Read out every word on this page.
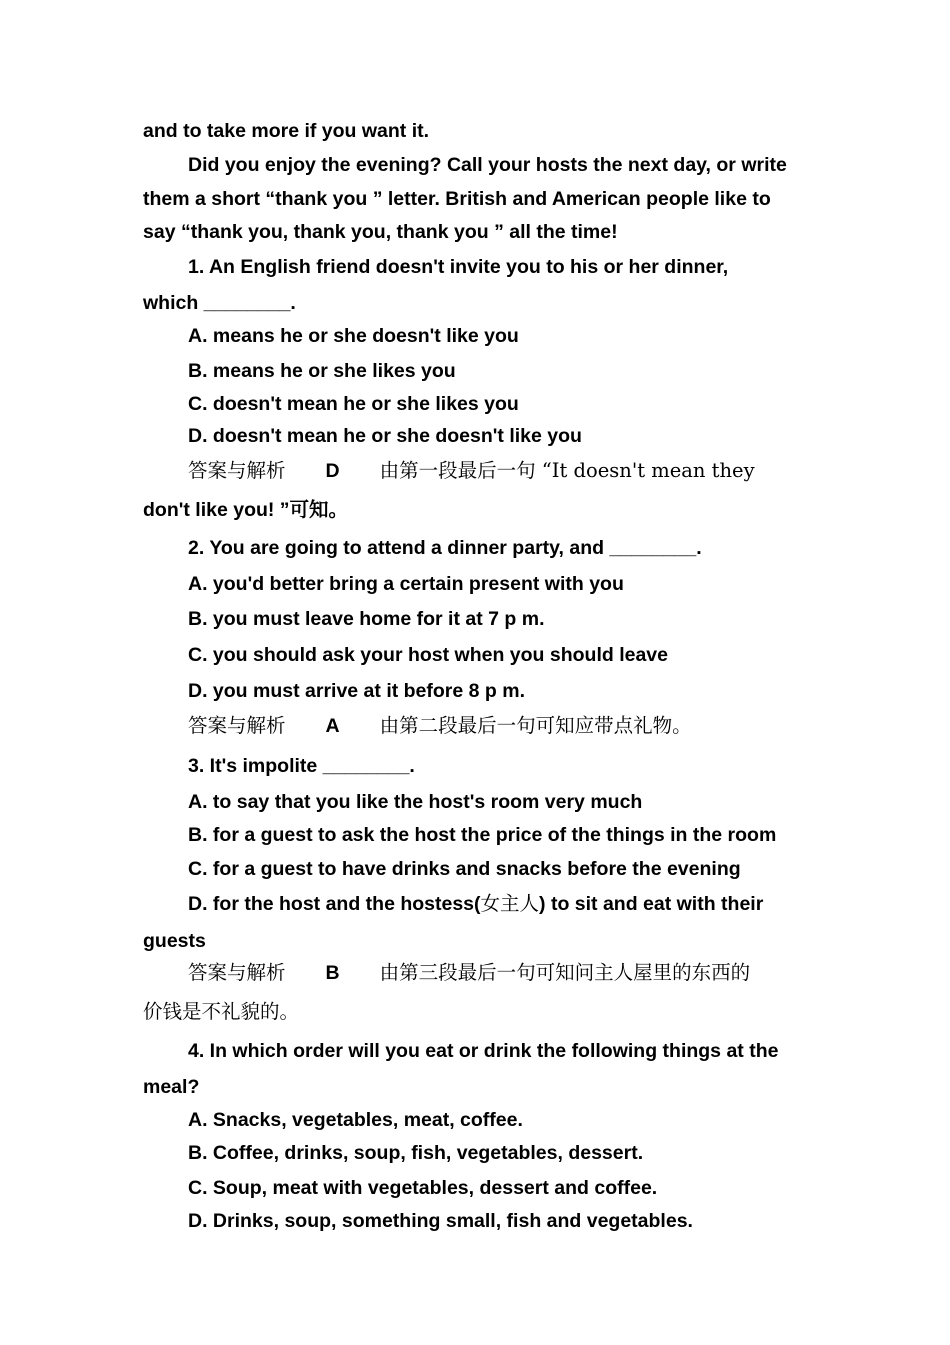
and to take more if you want it.
Did you enjoy the evening? Call your hosts the next day, or write
them a short “thank you ” letter. British and American people like to
say “thank you, thank you, thank you ” all the time!
1. An English friend doesn't invite you to his or her dinner,
which ________.
A. means he or she doesn't like you
B. means he or she likes you
C. doesn't mean he or she likes you
D. doesn't mean he or she doesn't like you
答案与解析 D 由第一段最后一句 “It doesn't mean they
don't like you! ”可知。
2. You are going to attend a dinner party, and ________.
A. you'd better bring a certain present with you
B. you must leave home for it at 7 p m.
C. you should ask your host when you should leave
D. you must arrive at it before 8 p m.
答案与解析 A 由第二段最后一句可知应带点礼物。
3. It's impolite ________.
A. to say that you like the host's room very much
B. for a guest to ask the host the price of the things in the room
C. for a guest to have drinks and snacks before the evening
D. for the host and the hostess(女主人) to sit and eat with their
guests
答案与解析 B 由第三段最后一句可知问主人屋里的东西的
价钱是不礼貌的。
4. In which order will you eat or drink the following things at the
meal?
A. Snacks, vegetables, meat, coffee.
B. Coffee, drinks, soup, fish, vegetables, dessert.
C. Soup, meat with vegetables, dessert and coffee.
D. Drinks, soup, something small, fish and vegetables.
